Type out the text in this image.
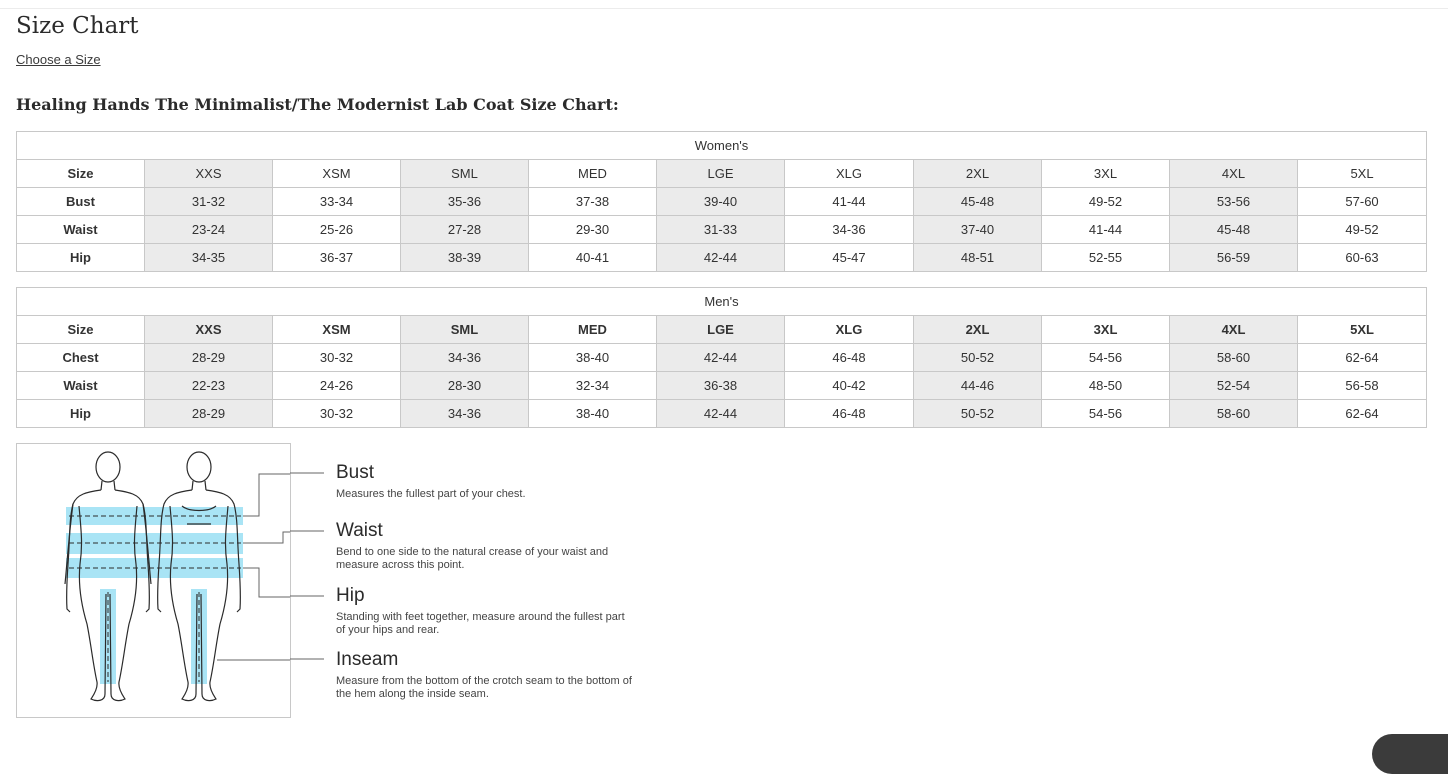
Size Chart
Choose a Size
Healing Hands The Minimalist/The Modernist Lab Coat Size Chart:
Women's										
Size	XXS	XSM	SML	MED	LGE	XLG	2XL	3XL	4XL	5XL
Bust	31-32	33-34	35-36	37-38	39-40	41-44	45-48	49-52	53-56	57-60
Waist	23-24	25-26	27-28	29-30	31-33	34-36	37-40	41-44	45-48	49-52
Hip	34-35	36-37	38-39	40-41	42-44	45-47	48-51	52-55	56-59	60-63
Men's										
Size	XXS	XSM	SML	MED	LGE	XLG	2XL	3XL	4XL	5XL
Chest	28-29	30-32	34-36	38-40	42-44	46-48	50-52	54-56	58-60	62-64
Waist	22-23	24-26	28-30	32-34	36-38	40-42	44-46	48-50	52-54	56-58
Hip	28-29	30-32	34-36	38-40	42-44	46-48	50-52	54-56	58-60	62-64
Bust
Measures the fullest part of your chest.
Waist
Bend to one side to the natural crease of your waist and measure across this point.
Hip
Standing with feet together, measure around the fullest part of your hips and rear.
Inseam
Measure from the bottom of the crotch seam to the bottom of the hem along the inside seam.
